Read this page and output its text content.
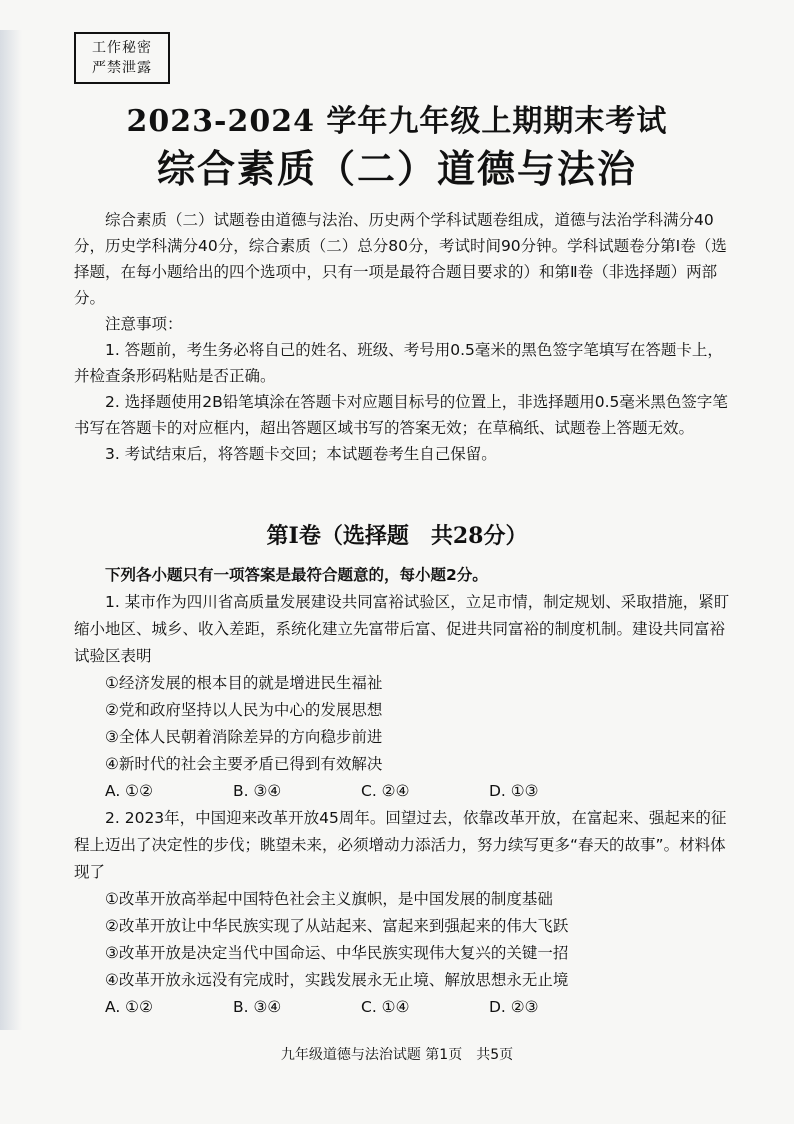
工作秘密
严禁泄露
2023-2024 学年九年级上期期末考试
综合素质（二）道德与法治

综合素质（二）试题卷由道德与法治、历史两个学科试题卷组成，道德与法治学科满分40分，历史学科满分40分，综合素质（二）总分80分，考试时间90分钟。学科试题卷分第Ⅰ卷（选择题，在每小题给出的四个选项中，只有一项是最符合题目要求的）和第Ⅱ卷（非选择题）两部分。

注意事项：

1. 答题前，考生务必将自己的姓名、班级、考号用0.5毫米的黑色签字笔填写在答题卡上，并检查条形码粘贴是否正确。

2. 选择题使用2B铅笔填涂在答题卡对应题目标号的位置上，非选择题用0.5毫米黑色签字笔书写在答题卡的对应框内，超出答题区域书写的答案无效；在草稿纸、试题卷上答题无效。

3. 考试结束后，将答题卡交回；本试题卷考生自己保留。

第Ⅰ卷（选择题　共28分）

下列各小题只有一项答案是最符合题意的，每小题2分。

1. 某市作为四川省高质量发展建设共同富裕试验区，立足市情，制定规划、采取措施，紧盯缩小地区、城乡、收入差距，系统化建立先富带后富、促进共同富裕的制度机制。建设共同富裕试验区表明

①经济发展的根本目的就是增进民生福祉

②党和政府坚持以人民为中心的发展思想

③全体人民朝着消除差异的方向稳步前进

④新时代的社会主要矛盾已得到有效解决

A. ①②	B. ③④	C. ②④	D. ①③

2. 2023年，中国迎来改革开放45周年。回望过去，依靠改革开放，在富起来、强起来的征程上迈出了决定性的步伐；眺望未来，必须增动力添活力，努力续写更多“春天的故事”。材料体现了

①改革开放高举起中国特色社会主义旗帜，是中国发展的制度基础

②改革开放让中华民族实现了从站起来、富起来到强起来的伟大飞跃

③改革开放是决定当代中国命运、中华民族实现伟大复兴的关键一招

④改革开放永远没有完成时，实践发展永无止境、解放思想永无止境

A. ①②	B. ③④	C. ①④	D. ②③

九年级道德与法治试题 第1页　共5页
